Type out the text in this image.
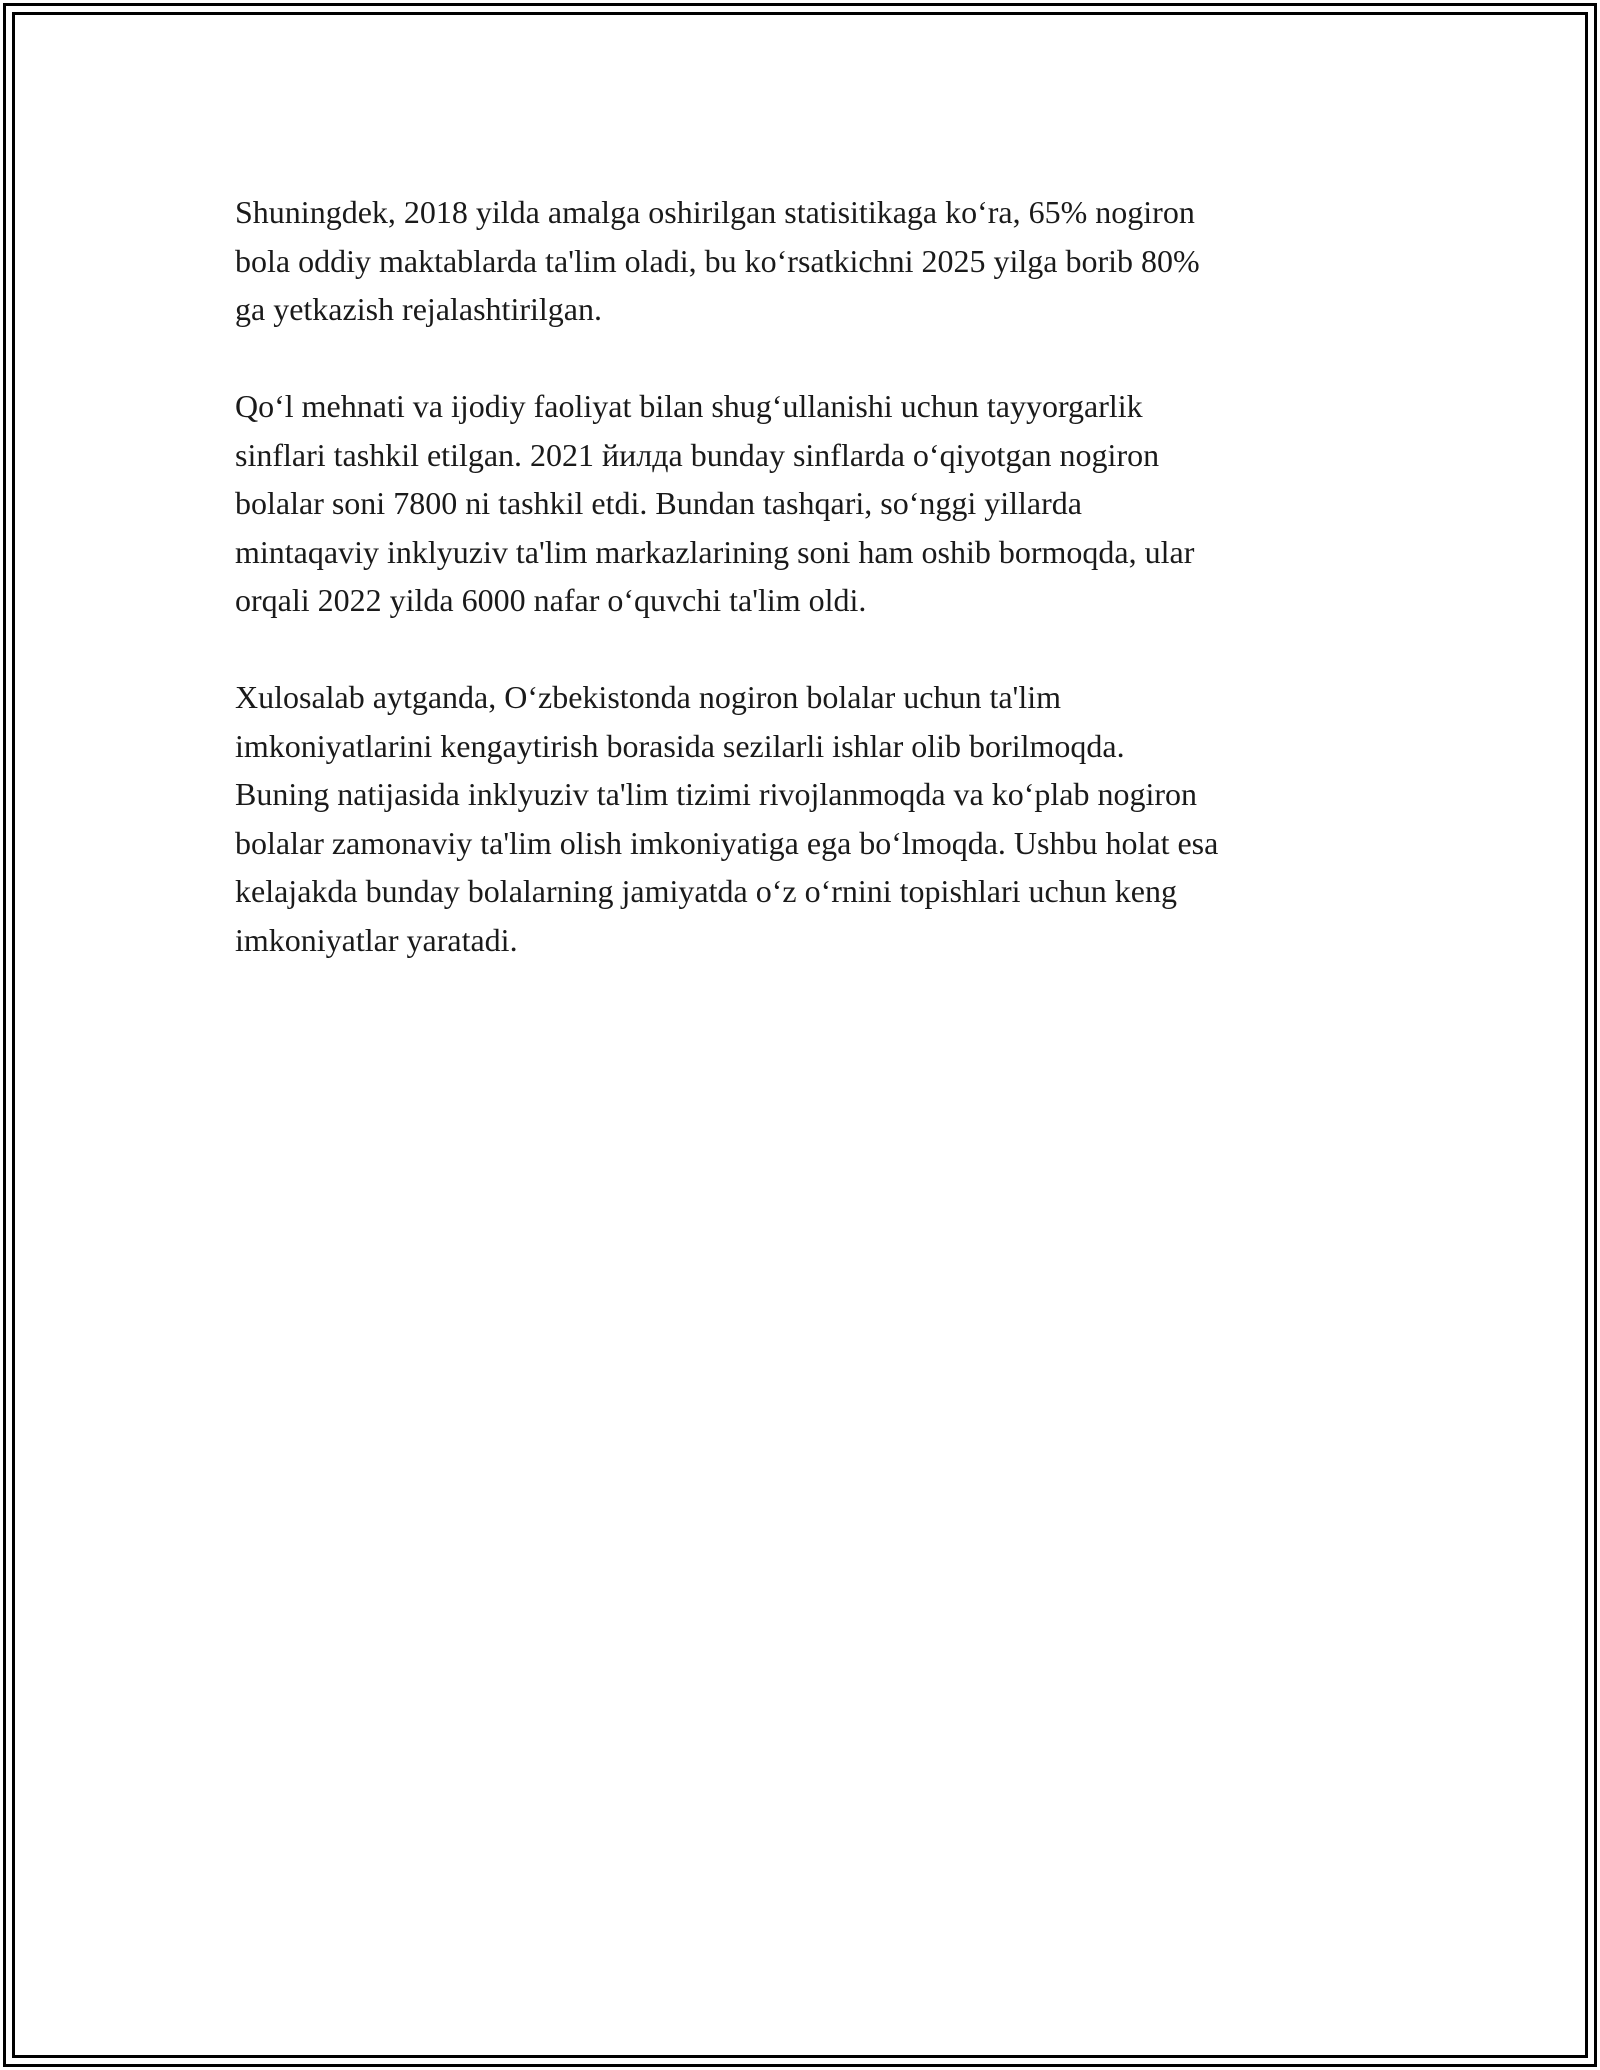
Shuningdek, 2018 yilda amalga oshirilgan statisitikaga ko‘ra, 65% nogiron
bola oddiy maktablarda ta'lim oladi, bu ko‘rsatkichni 2025 yilga borib 80%
ga yetkazish rejalashtirilgan.

Qo‘l mehnati va ijodiy faoliyat bilan shug‘ullanishi uchun tayyorgarlik
sinflari tashkil etilgan. 2021 йилда bunday sinflarda o‘qiyotgan nogiron
bolalar soni 7800 ni tashkil etdi. Bundan tashqari, so‘nggi yillarda
mintaqaviy inklyuziv ta'lim markazlarining soni ham oshib bormoqda, ular
orqali 2022 yilda 6000 nafar o‘quvchi ta'lim oldi.

Xulosalab aytganda, O‘zbekistonda nogiron bolalar uchun ta'lim
imkoniyatlarini kengaytirish borasida sezilarli ishlar olib borilmoqda.
Buning natijasida inklyuziv ta'lim tizimi rivojlanmoqda va ko‘plab nogiron
bolalar zamonaviy ta'lim olish imkoniyatiga ega bo‘lmoqda. Ushbu holat esa
kelajakda bunday bolalarning jamiyatda o‘z o‘rnini topishlari uchun keng
imkoniyatlar yaratadi.
